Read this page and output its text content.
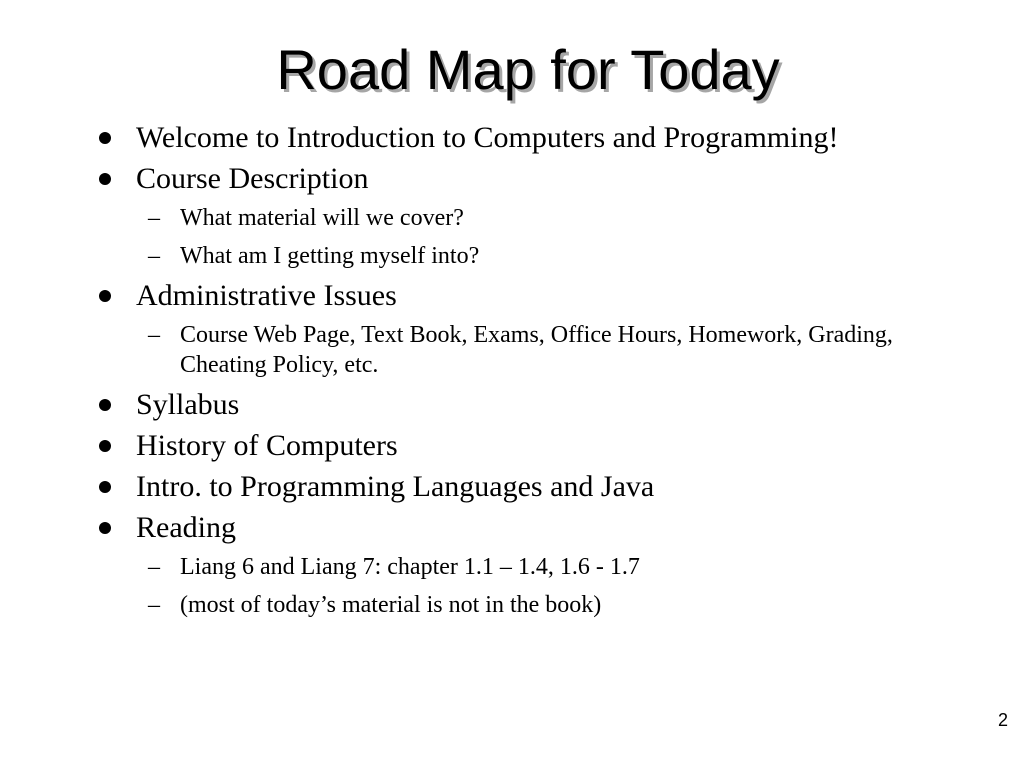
Road Map for Today
Welcome to Introduction to Computers and Programming!
Course Description
– What material will we cover?
– What am I getting myself into?
Administrative Issues
– Course Web Page, Text Book, Exams, Office Hours, Homework, Grading, Cheating Policy, etc.
Syllabus
History of Computers
Intro. to Programming Languages and Java
Reading
– Liang 6 and Liang 7: chapter 1.1 – 1.4, 1.6 - 1.7
– (most of today’s material is not in the book)
2
